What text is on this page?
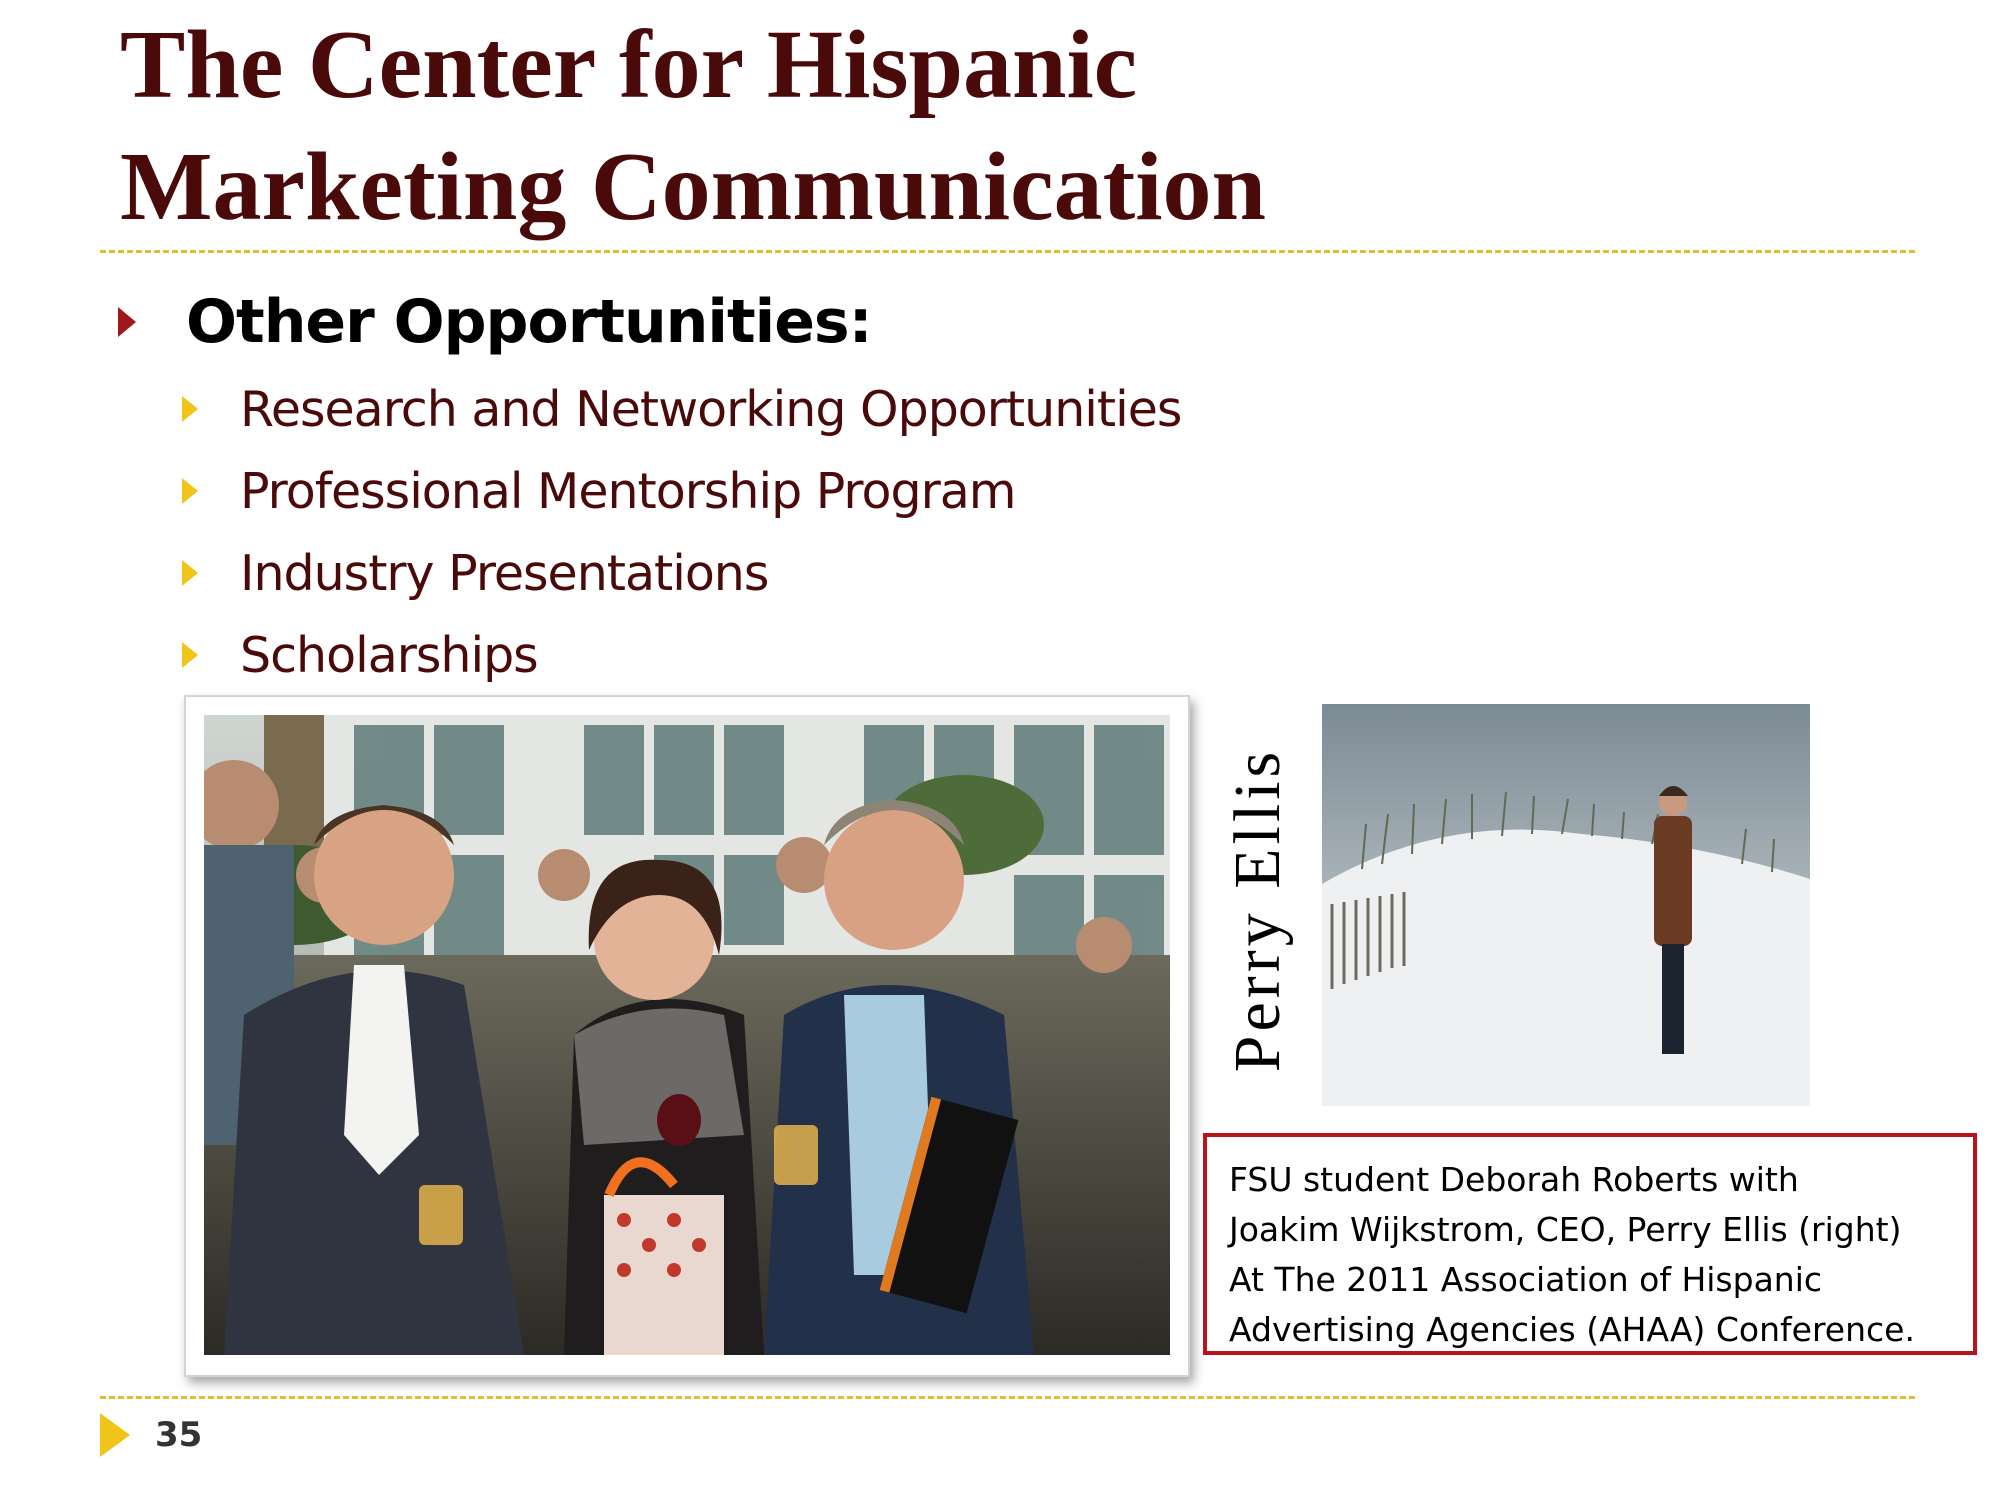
The Center for Hispanic
Marketing Communication
Other Opportunities:
Research and Networking Opportunities
Professional Mentorship Program
Industry Presentations
Scholarships
Perry Ellis
FSU student Deborah Roberts with
Joakim Wijkstrom, CEO, Perry Ellis (right)
At The 2011 Association of Hispanic
Advertising Agencies (AHAA) Conference.
35
